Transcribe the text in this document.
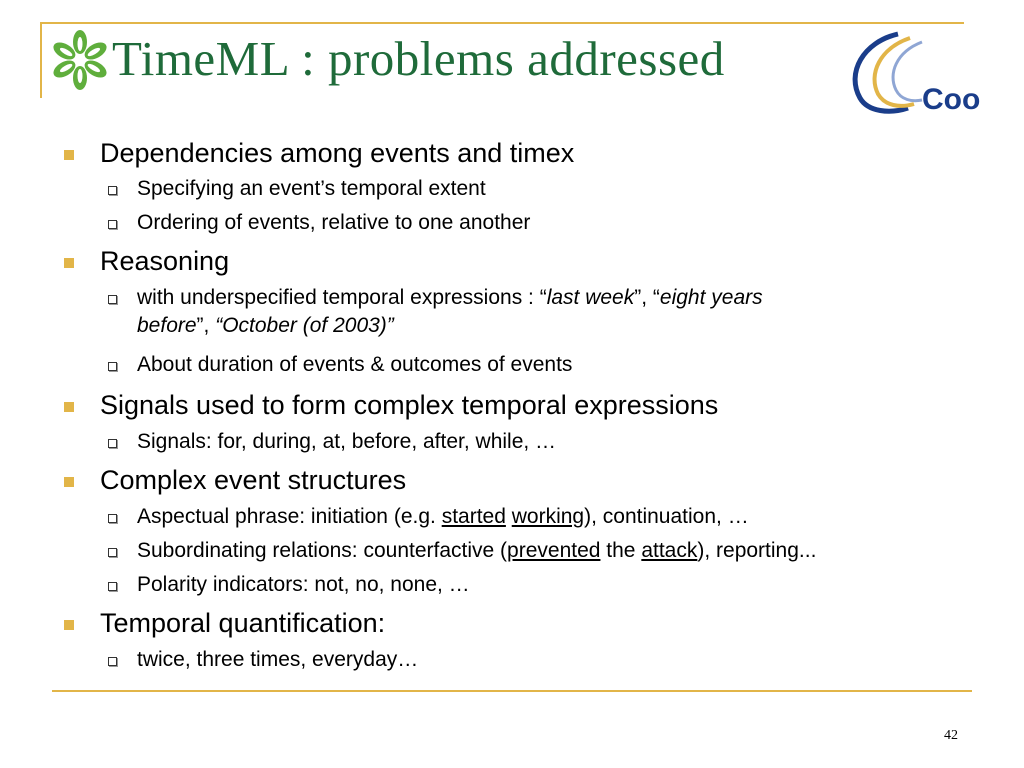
TimeML : problems addressed
Coo
Dependencies among events and timex
Specifying an event’s temporal extent
Ordering of events, relative to one another
Reasoning
with underspecified temporal expressions : “last week”, “eight years
before”, “October (of 2003)”
About duration of events & outcomes of events
Signals used to form complex temporal expressions
Signals: for, during, at, before, after, while, …
Complex event structures
Aspectual phrase: initiation (e.g. started working), continuation, …
Subordinating relations: counterfactive (prevented the attack), reporting...
Polarity indicators: not, no, none, …
Temporal quantification:
twice, three times, everyday…
42
